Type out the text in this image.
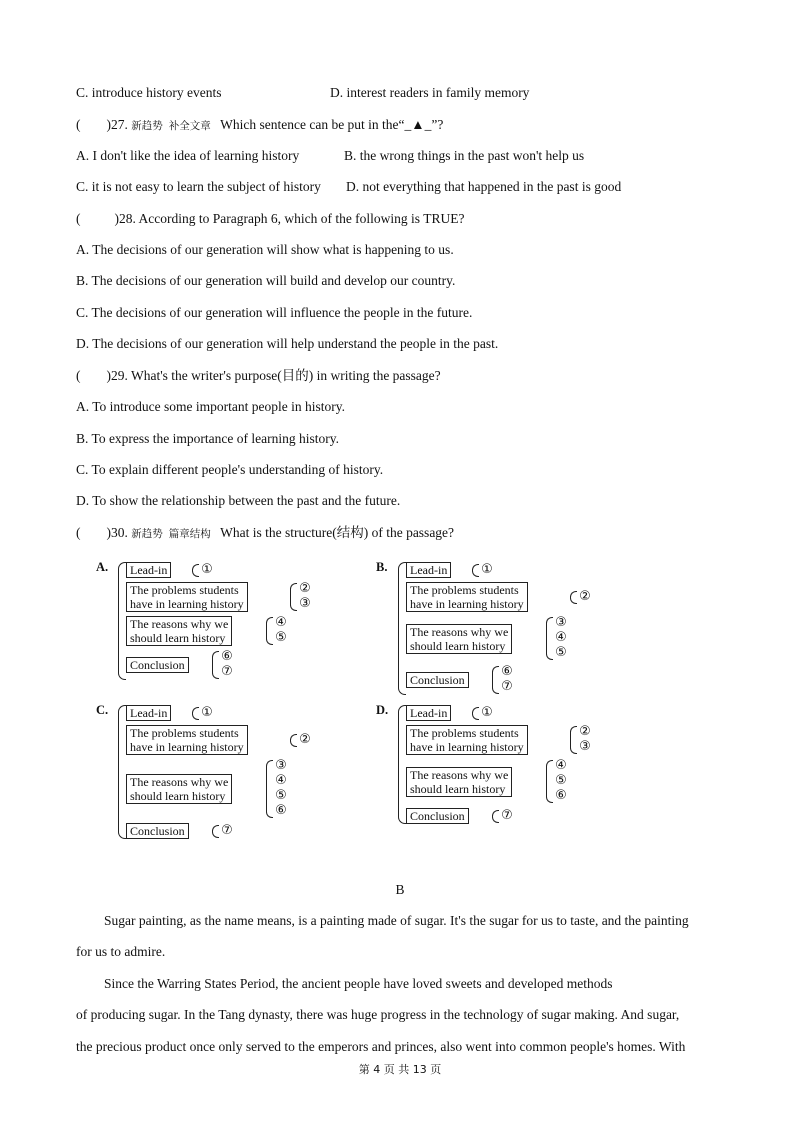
C. introduce history events	D. interest readers in family memory
( )27. 新趋势 补全文章 Which sentence can be put in the“_▲_”?
A. I don't like the idea of learning history	B. the wrong things in the past won't help us
C. it is not easy to learn the subject of history D. not everything that happened in the past is good
(	)28. According to Paragraph 6, which of the following is TRUE?
A. The decisions of our generation will show what is happening to us.
B. The decisions of our generation will build and develop our country.
C. The decisions of our generation will influence the people in the future.
D. The decisions of our generation will help understand the people in the past.
( )29. What's the writer's purpose(目的) in writing the passage?
A. To introduce some important people in history.
B. To express the importance of learning history.
C. To explain different people's understanding of history.
D. To show the relationship between the past and the future.
( )30. 新趋势 篇章结构 What is the structure(结构) of the passage?
A. Lead-in	①
The problems students
have in learning history
②
③
The reasons why we
should learn history
④
⑤
Conclusion
⑥
⑦
B. Lead-in	①
The problems students
have in learning history
②
The reasons why we
should learn history
③
④
⑤
Conclusion
⑥
⑦
C. Lead-in	①
The problems students
have in learning history
②
The reasons why we
should learn history
③
④
⑤
⑥
Conclusion	⑦
D. Lead-in	①
The problems students
have in learning history
②
③
The reasons why we
should learn history
④
⑤
⑥
Conclusion	⑦
B
Sugar painting, as the name means, is a painting made of sugar. It's the sugar for us to taste, and the painting
for us to admire.
Since the Warring States Period, the ancient people have loved sweets and developed methods
of producing sugar. In the Tang dynasty, there was huge progress in the technology of sugar making. And sugar,
the precious product once only served to the emperors and princes, also went into common people's homes. With
第 4 页 共 13 页
